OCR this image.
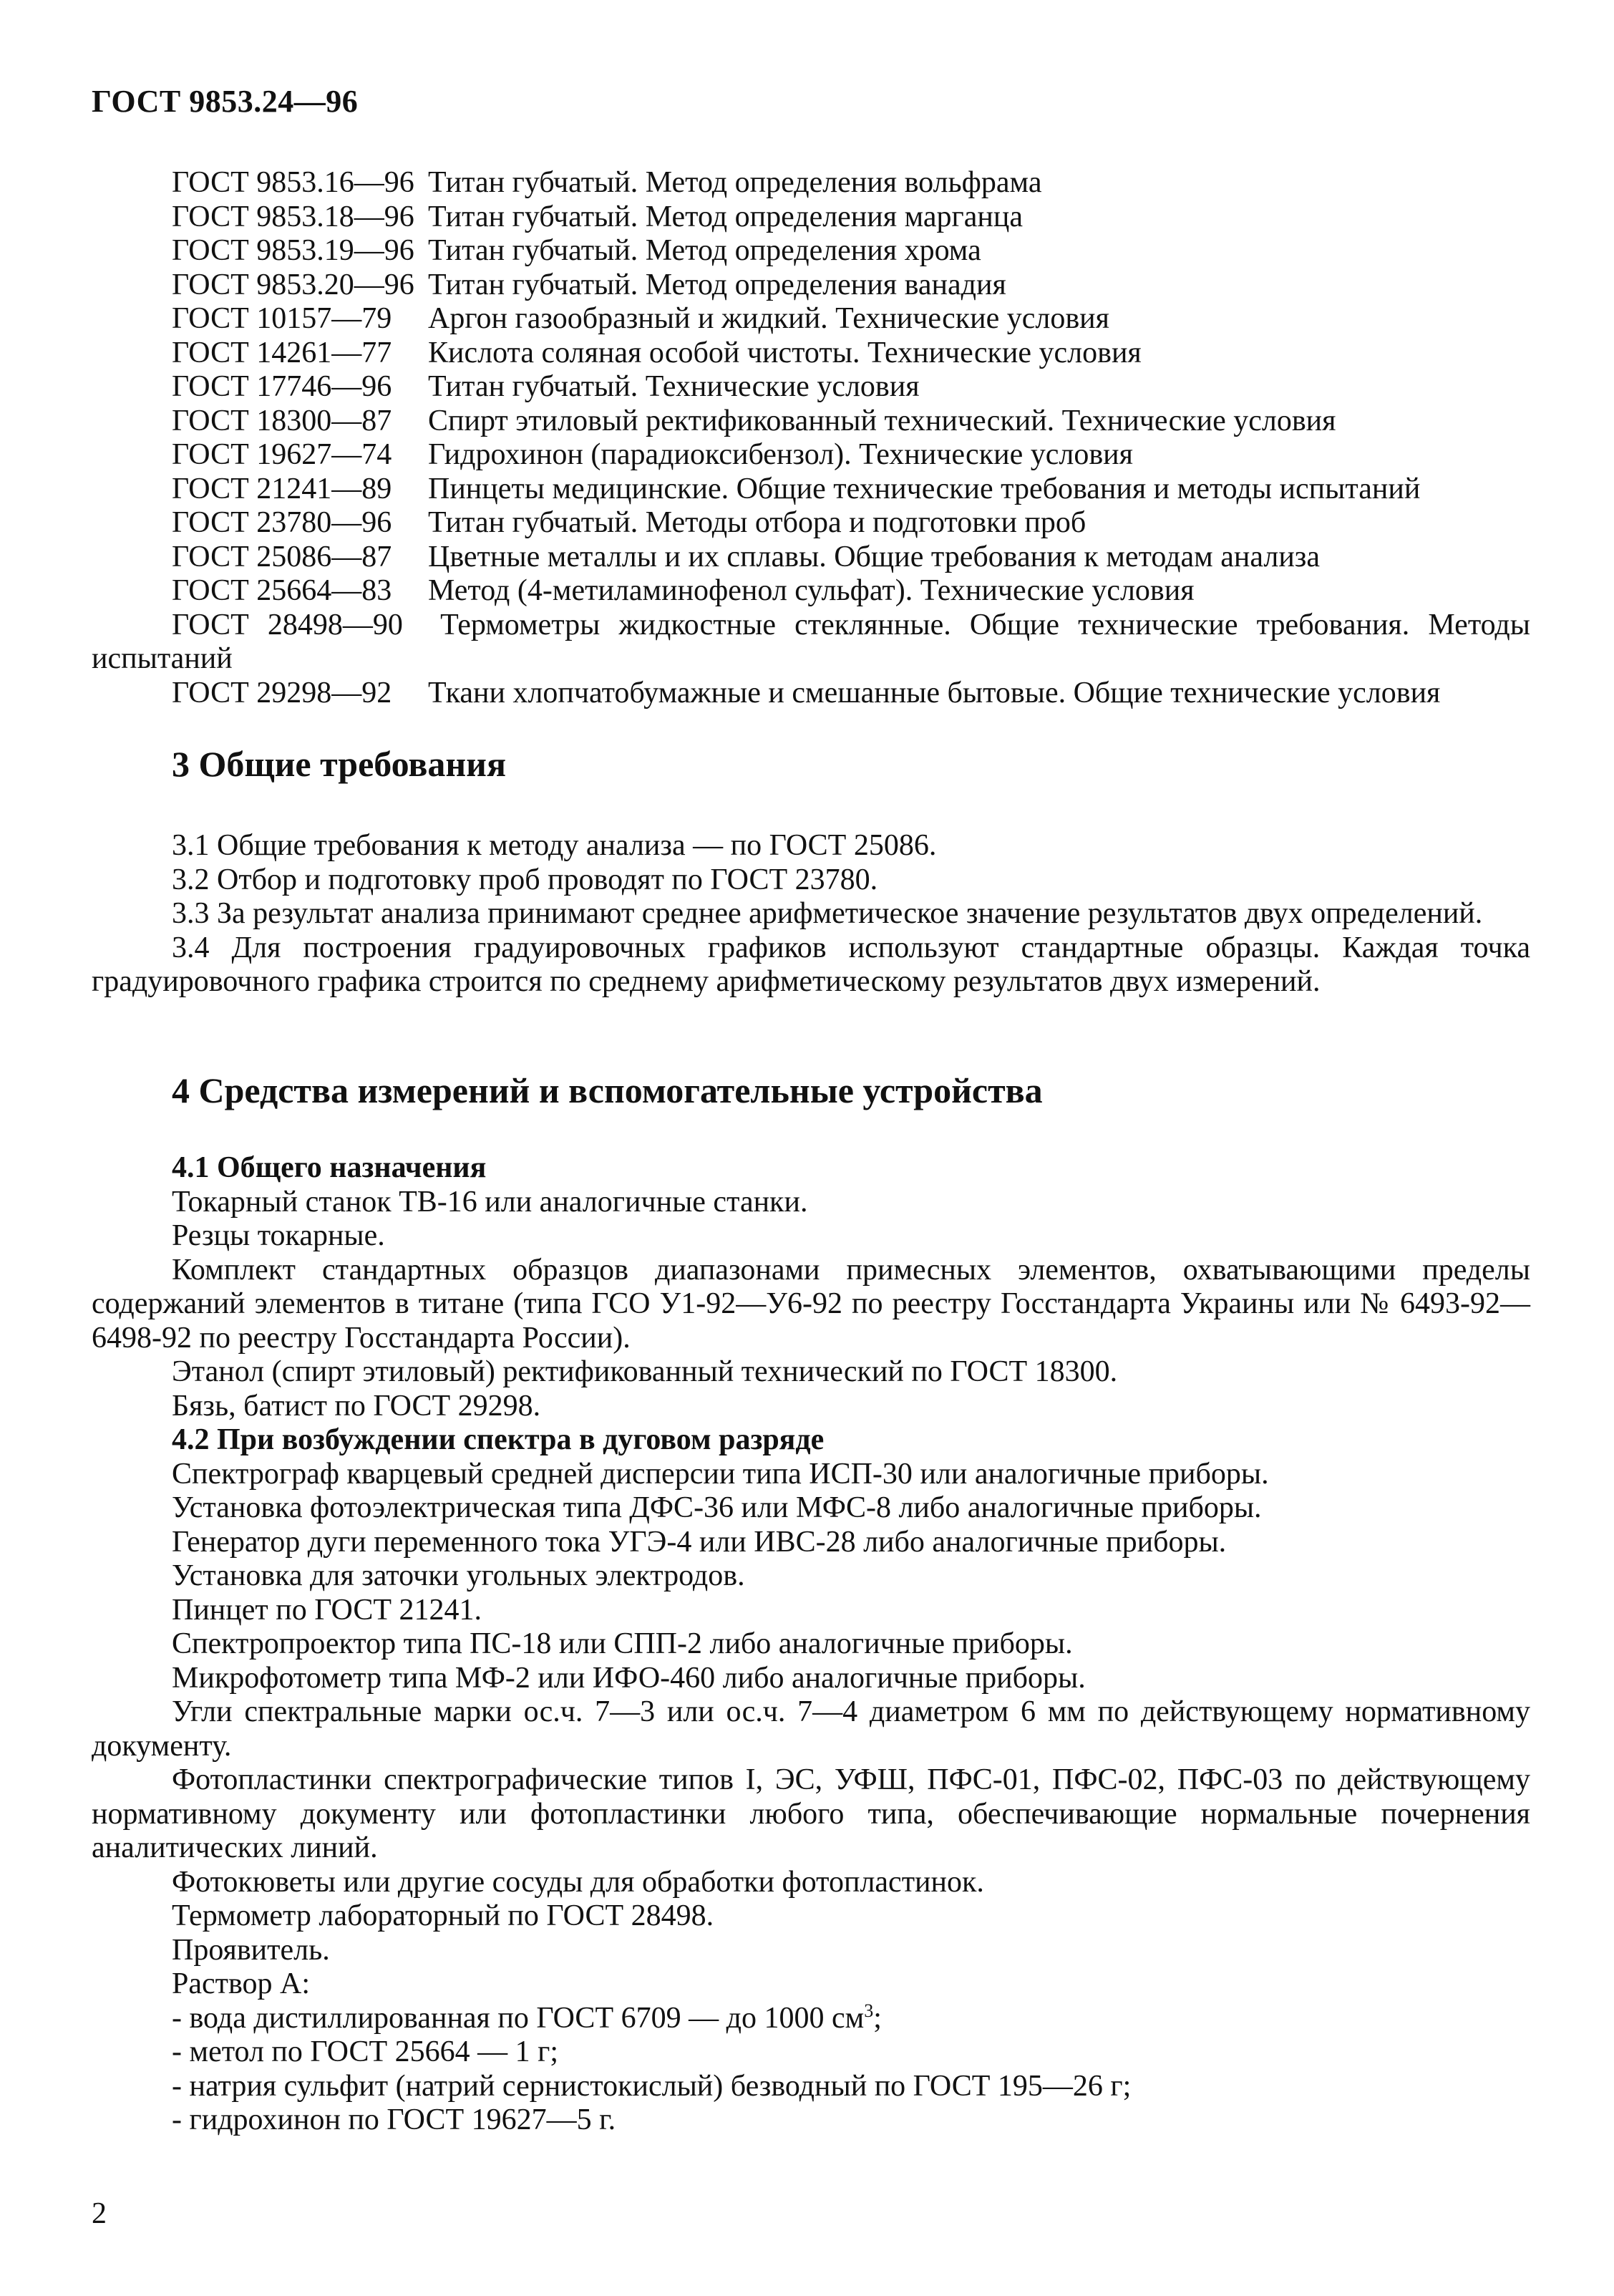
ГОСТ 9853.24—96
ГОСТ 9853.16—96 Титан губчатый. Метод определения вольфрама
ГОСТ 9853.18—96 Титан губчатый. Метод определения марганца
ГОСТ 9853.19—96 Титан губчатый. Метод определения хрома
ГОСТ 9853.20—96 Титан губчатый. Метод определения ванадия
ГОСТ 10157—79	Аргон газообразный и жидкий. Технические условия
ГОСТ 14261—77	Кислота соляная особой чистоты. Технические условия
ГОСТ 17746—96	Титан губчатый. Технические условия
ГОСТ 18300—87	Спирт этиловый ректификованный технический. Технические условия
ГОСТ 19627—74	Гидрохинон (парадиоксибензол). Технические условия
ГОСТ 21241—89	Пинцеты медицинские. Общие технические требования и методы испытаний
ГОСТ 23780—96	Титан губчатый. Методы отбора и подготовки проб
ГОСТ 25086—87	Цветные металлы и их сплавы. Общие требования к методам анализа
ГОСТ 25664—83	Метод (4-метиламинофенол сульфат). Технические условия

ГОСТ 28498—90 Термометры жидкостные стеклянные. Общие технические требования. Методы испытаний

ГОСТ 29298—92	Ткани хлопчатобумажные и смешанные бытовые. Общие технические условия
3 Общие требования

3.1 Общие требования к методу анализа — по ГОСТ 25086.

3.2 Отбор и подготовку проб проводят по ГОСТ 23780.

3.3 За результат анализа принимают среднее арифметическое значение результатов двух определений.

3.4 Для построения градуировочных графиков используют стандартные образцы. Каждая точка градуировочного графика строится по среднему арифметическому результатов двух измерений.

4 Средства измерений и вспомогательные устройства

4.1 Общего назначения

Токарный станок ТВ-16 или аналогичные станки.

Резцы токарные.

Комплект стандартных образцов диапазонами примесных элементов, охватывающими пределы содержаний элементов в титане (типа ГСО У1-92—У6-92 по реестру Госстандарта Украины или № 6493-92—6498-92 по реестру Госстандарта России).

Этанол (спирт этиловый) ректификованный технический по ГОСТ 18300.

Бязь, батист по ГОСТ 29298.

4.2 При возбуждении спектра в дуговом разряде

Спектрограф кварцевый средней дисперсии типа ИСП-30 или аналогичные приборы.

Установка фотоэлектрическая типа ДФС-36 или МФС-8 либо аналогичные приборы.

Генератор дуги переменного тока УГЭ-4 или ИВС-28 либо аналогичные приборы.

Установка для заточки угольных электродов.

Пинцет по ГОСТ 21241.

Спектропроектор типа ПС-18 или СПП-2 либо аналогичные приборы.

Микрофотометр типа МФ-2 или ИФО-460 либо аналогичные приборы.

Угли спектральные марки ос.ч. 7—3 или ос.ч. 7—4 диаметром 6 мм по действующему нормативному документу.

Фотопластинки спектрографические типов I, ЭС, УФШ, ПФС-01, ПФС-02, ПФС-03 по действующему нормативному документу или фотопластинки любого типа, обеспечивающие нормальные почернения аналитических линий.

Фотокюветы или другие сосуды для обработки фотопластинок.

Термометр лабораторный по ГОСТ 28498.

Проявитель.

Раствор А:

- вода дистиллированная по ГОСТ 6709 — до 1000 $см^3$;

- метол по ГОСТ 25664 — 1 г;

- натрия сульфит (натрий сернистокислый) безводный по ГОСТ 195—26 г;

- гидрохинон по ГОСТ 19627—5 г.

2
